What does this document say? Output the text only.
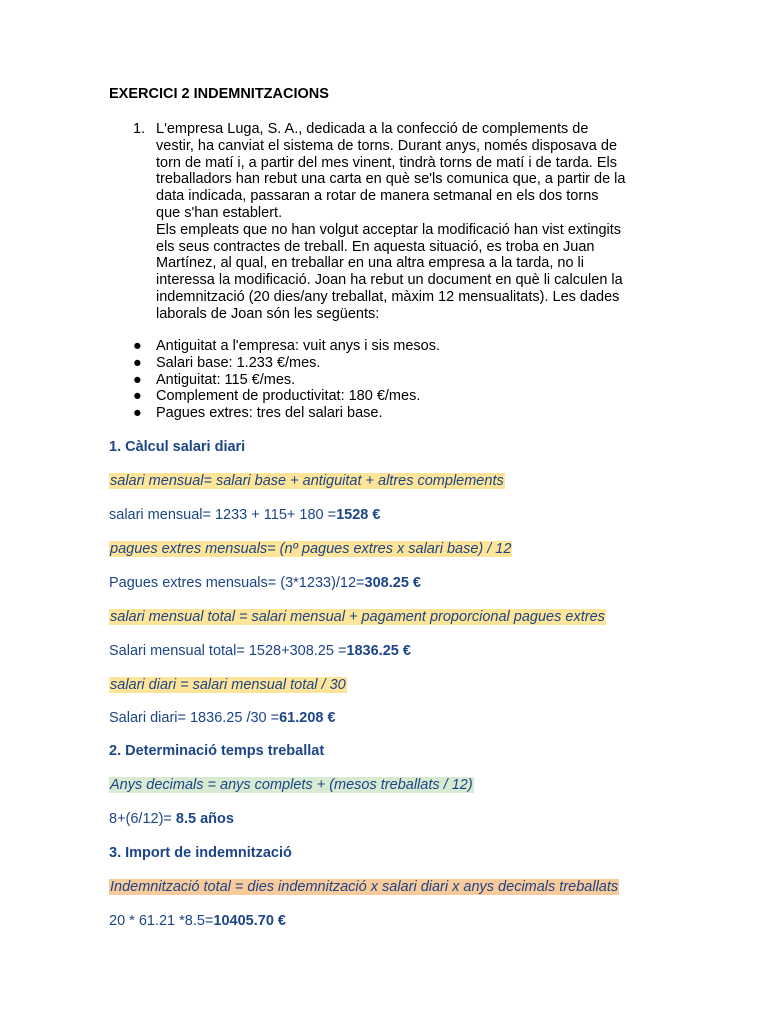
EXERCICI 2 INDEMNITZACIONS
1. L'empresa Luga, S. A., dedicada a la confecció de complements de
vestir, ha canviat el sistema de torns. Durant anys, només disposava de
torn de matí i, a partir del mes vinent, tindrà torns de matí i de tarda. Els
treballadors han rebut una carta en què se'ls comunica que, a partir de la
data indicada, passaran a rotar de manera setmanal en els dos torns
que s'han establert.
Els empleats que no han volgut acceptar la modificació han vist extingits
els seus contractes de treball. En aquesta situació, es troba en Juan
Martínez, al qual, en treballar en una altra empresa a la tarda, no li
interessa la modificació. Joan ha rebut un document en què li calculen la
indemnització (20 dies/any treballat, màxim 12 mensualitats). Les dades
laborals de Joan són les següents:
● Antiguitat a l'empresa: vuit anys i sis mesos.
● Salari base: 1.233 €/mes.
● Antiguitat: 115 €/mes.
● Complement de productivitat: 180 €/mes.
● Pagues extres: tres del salari base.
1. Càlcul salari diari
salari mensual= salari base + antiguitat + altres complements
salari mensual= 1233 + 115+ 180 =1528 €
pagues extres mensuals= (nº pagues extres x salari base) / 12
Pagues extres mensuals= (3*1233)/12=308.25 €
salari mensual total = salari mensual + pagament proporcional pagues extres
Salari mensual total= 1528+308.25 =1836.25 €
salari diari = salari mensual total / 30
Salari diari= 1836.25 /30 =61.208 €
2. Determinació temps treballat
Anys decimals = anys complets + (mesos treballats / 12)
8+(6/12)= 8.5 años
3. Import de indemnització
Indemnització total = dies indemnització x salari diari x anys decimals treballats
20 * 61.21 *8.5=10405.70 €
